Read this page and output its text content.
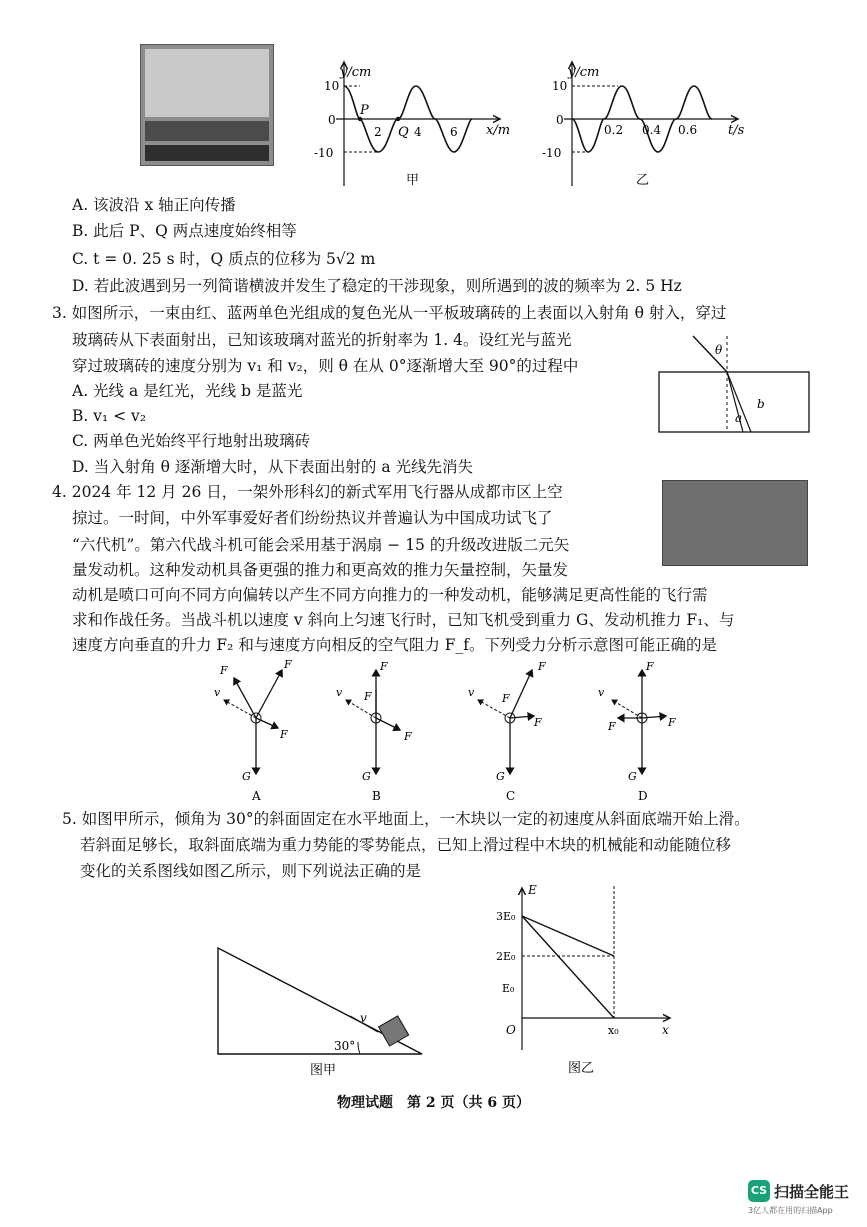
y/cm
x/m
10
0
-10
2	4 6
P
Q
甲
y/cm
t/s
10
0
-10
0.2 0.4 0.6
乙
A. 该波沿 x 轴正向传播
B. 此后 P、Q 两点速度始终相等
C. t = 0. 25 s 时，Q 质点的位移为 5√2 m
D. 若此波遇到另一列简谐横波并发生了稳定的干涉现象，则所遇到的波的频率为 2. 5 Hz
3. 如图所示，一束由红、蓝两单色光组成的复色光从一平板玻璃砖的上表面以入射角 θ 射入，穿过
玻璃砖从下表面射出，已知该玻璃对蓝光的折射率为 1. 4。设红光与蓝光
穿过玻璃砖的速度分别为 v₁ 和 v₂，则 θ 在从 0°逐渐增大至 90°的过程中
A. 光线 a 是红光，光线 b 是蓝光
B. v₁ < v₂
C. 两单色光始终平行地射出玻璃砖
D. 当入射角 θ 逐渐增大时，从下表面出射的 a 光线先消失
θ
a
b
4. 2024 年 12 月 26 日，一架外形科幻的新式军用飞行器从成都市区上空
掠过。一时间，中外军事爱好者们纷纷热议并普遍认为中国成功试飞了
“六代机”。第六代战斗机可能会采用基于涡扇 − 15 的升级改进版二元矢
量发动机。这种发动机具备更强的推力和更高效的推力矢量控制，矢量发
动机是喷口可向不同方向偏转以产生不同方向推力的一种发动机，能够满足更高性能的飞行需
求和作战任务。当战斗机以速度 v 斜向上匀速飞行时，已知飞机受到重力 G、发动机推力 F₁、与
速度方向垂直的升力 F₂ 和与速度方向相反的空气阻力 F_f。下列受力分析示意图可能正确的是
v
F	F
F
G
A
v F
F
F
G
B
v	F
F
F
G
C
v
F
F
F
G
D
5. 如图甲所示，倾角为 30°的斜面固定在水平地面上，一木块以一定的初速度从斜面底端开始上滑。
若斜面足够长，取斜面底端为重力势能的零势能点，已知上滑过程中木块的机械能和动能随位移
变化的关系图线如图乙所示，则下列说法正确的是
v
30°
图甲
E
x
O
3E₀
2E₀
E₀
x₀
图乙
物理试题　第 2 页（共 6 页）
CS 扫描全能王
3亿人都在用的扫描App
